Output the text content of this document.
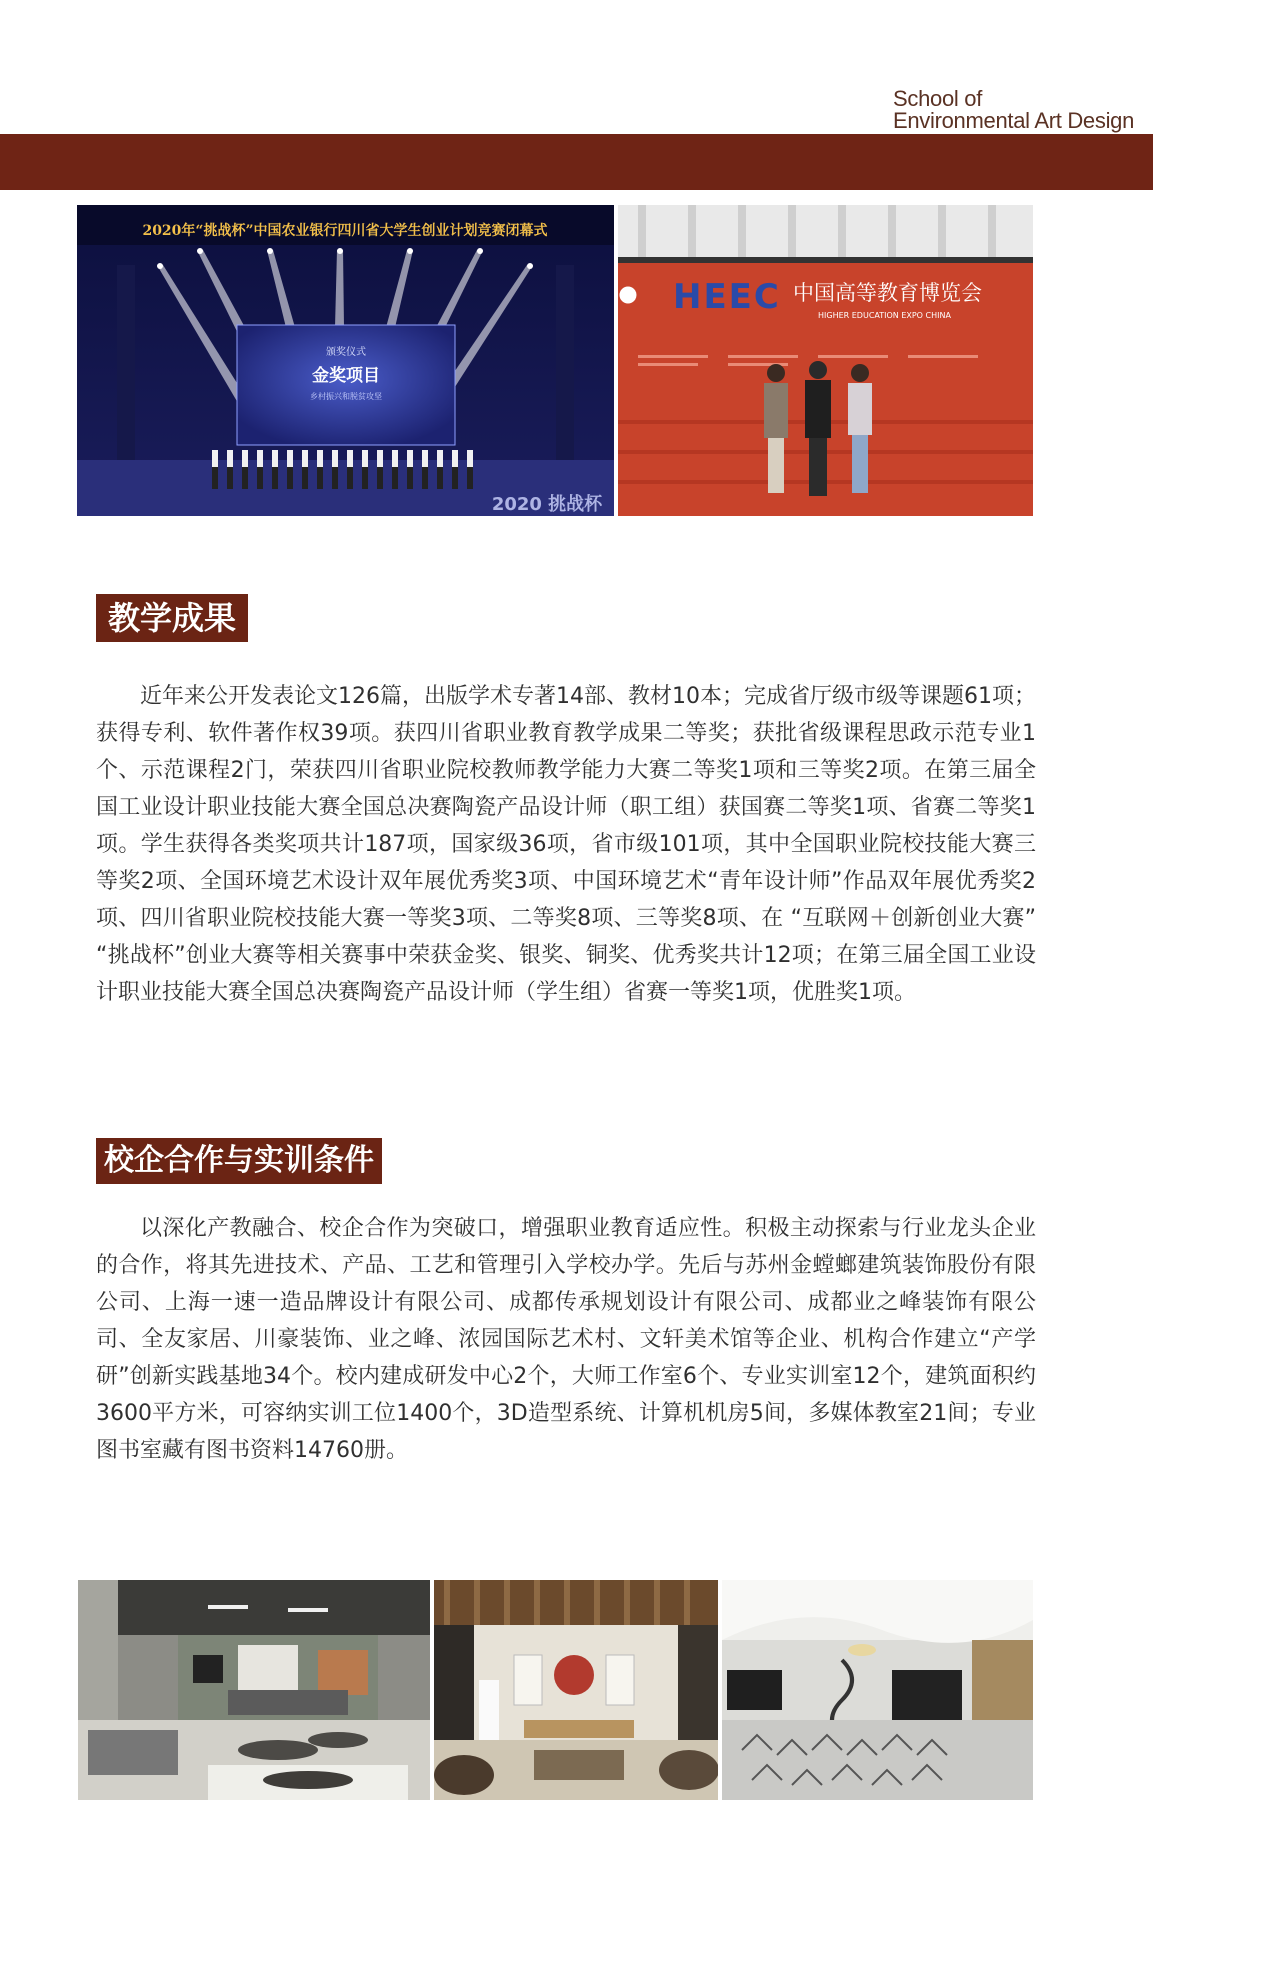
School of
Environmental Art Design
2020年“挑战杯”中国农业银行四川省大学生创业计划竞赛闭幕式
颁奖仪式
金奖项目
乡村振兴和脱贫攻坚
2020 挑战杯
HEEC 中国高等教育博览会
HIGHER EDUCATION EXPO CHINA
教学成果

近年来公开发表论文126篇，出版学术专著14部、教材10本；完成省厅级市级等课题61项；获得专利、软件著作权39项。获四川省职业教育教学成果二等奖；获批省级课程思政示范专业1个、示范课程2门，荣获四川省职业院校教师教学能力大赛二等奖1项和三等奖2项。在第三届全国工业设计职业技能大赛全国总决赛陶瓷产品设计师（职工组）获国赛二等奖1项、省赛二等奖1项。学生获得各类奖项共计187项，国家级36项，省市级101项，其中全国职业院校技能大赛三等奖2项、全国环境艺术设计双年展优秀奖3项、中国环境艺术“青年设计师”作品双年展优秀奖2项、四川省职业院校技能大赛一等奖3项、二等奖8项、三等奖8项、在 “互联网＋创新创业大赛” “挑战杯”创业大赛等相关赛事中荣获金奖、银奖、铜奖、优秀奖共计12项；在第三届全国工业设计职业技能大赛全国总决赛陶瓷产品设计师（学生组）省赛一等奖1项，优胜奖1项。

校企合作与实训条件

以深化产教融合、校企合作为突破口，增强职业教育适应性。积极主动探索与行业龙头企业的合作，将其先进技术、产品、工艺和管理引入学校办学。先后与苏州金螳螂建筑装饰股份有限公司、上海一速一造品牌设计有限公司、成都传承规划设计有限公司、成都业之峰装饰有限公司、全友家居、川豪装饰、业之峰、浓园国际艺术村、文轩美术馆等企业、机构合作建立“产学研”创新实践基地34个。校内建成研发中心2个，大师工作室6个、专业实训室12个，建筑面积约3600平方米，可容纳实训工位1400个，3D造型系统、计算机机房5间，多媒体教室21间；专业图书室藏有图书资料14760册。
